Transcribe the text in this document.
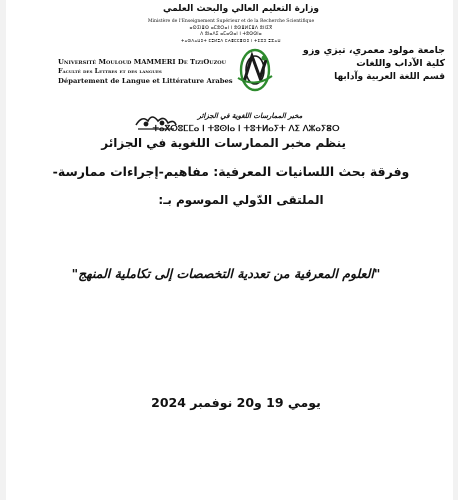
وزارة التعليم العالي والبحث العلمي
Ministère de l'Enseignement Supérieur et de la Recherche Scientifique
ⴰⵙⵉⵏⴻⵙ ⴰⵎⵓⵔⴰⵏ ⵏ ⵓⵙⴻⵍⵎⴻⴷ ⵓⵏⵏⵉⴳ
ⴷ ⵓⵏⴰⴷⵉ ⴰⵎⴰⵙⴰⵏ ⵏ ⵜⵓⵙⵙⵏⴰ
ⵜⴰⵙⴷⴰⵡⵉⵜ ⵎⵓⵍⵓⴷ ⵎⵄⴻⵎⵎⴻⵔⵉ ⵏ ⵜⵉⵣⵉ ⵓⵣⴰⵡ
Université Mouloud MAMMERI De TiziOuzou
Faculté des Lettres et des langues
Département de Langue et Littérature Arabes
جامعة مولود معمري، تيزي وزو
كلية الآداب واللغات
قسم اللغة العربية وآدابها
مخبر الممارسات اللغوية في الجزائر
ⵜⴰⴳⵔⵓⵎⵎⴰ ⵏ ⵜⵓⵙⵏⴰ ⵏ ⵜⵓⵜⵍⴰⵢⵜ ⴷⵉ ⴷⵣⴰⵢⴻⵔ
ينظم مخبر الممارسات اللغوية في الجزائر
وفرقة بحث اللسانيات المعرفية: مفاهيم-إجراءات ممارسة-
الملتقى الدّولي الموسوم بـ:
"العلوم المعرفية من تعددية التخصصات إلى تكاملية المنهج"
يومي 19 و20 نوفمبر 2024
